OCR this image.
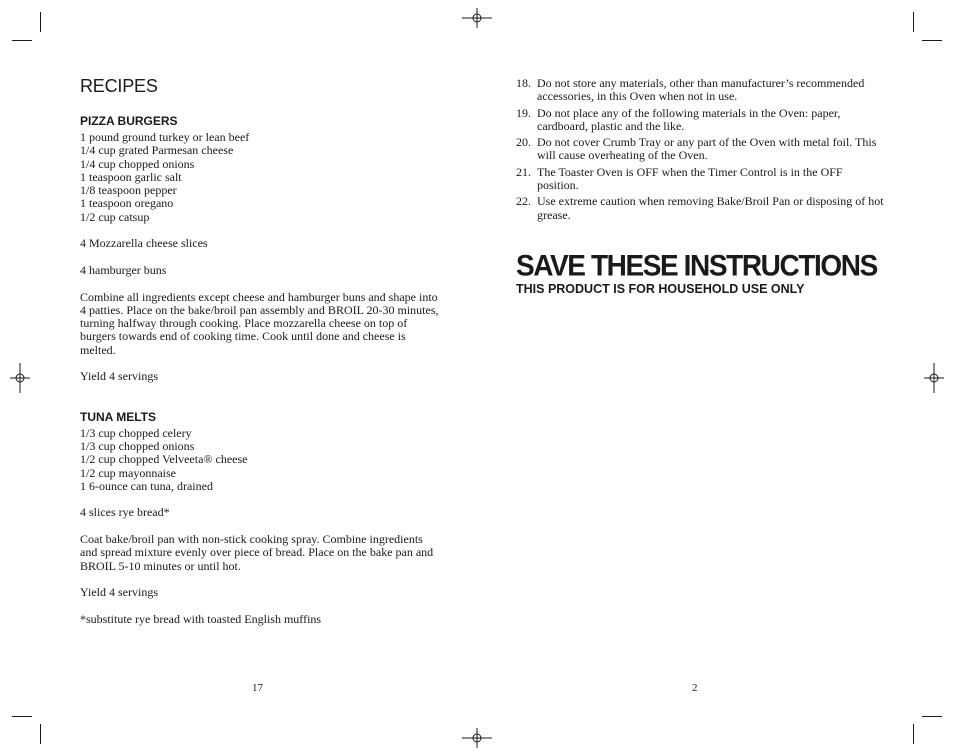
RECIPES
PIZZA BURGERS
1 pound ground turkey or lean beef
1/4 cup grated Parmesan cheese
1/4 cup chopped onions
1 teaspoon garlic salt
1/8 teaspoon pepper
1 teaspoon oregano
1/2 cup catsup
4 Mozzarella cheese slices
4 hamburger buns

Combine all ingredients except cheese and hamburger buns and shape into 4 patties. Place on the bake/broil pan assembly and BROIL 20-30 minutes, turning halfway through cooking. Place mozzarella cheese on top of burgers towards end of cooking time. Cook until done and cheese is melted.

Yield 4 servings
TUNA MELTS
1/3 cup chopped celery
1/3 cup chopped onions
1/2 cup chopped Velveeta® cheese
1/2 cup mayonnaise
1 6-ounce can tuna, drained
4 slices rye bread*

Coat bake/broil pan with non-stick cooking spray. Combine ingredients and spread mixture evenly over piece of bread. Place on the bake pan and BROIL 5-10 minutes or until hot.

Yield 4 servings
*substitute rye bread with toasted English muffins
17
18. Do not store any materials, other than manufacturer’s recommended accessories, in this Oven when not in use.
19. Do not place any of the following materials in the Oven: paper, cardboard, plastic and the like.
20. Do not cover Crumb Tray or any part of the Oven with metal foil. This will cause overheating of the Oven.
21. The Toaster Oven is OFF when the Timer Control is in the OFF position.
22. Use extreme caution when removing Bake/Broil Pan or disposing of hot grease.
SAVE THESE INSTRUCTIONS
THIS PRODUCT IS FOR HOUSEHOLD USE ONLY
2
